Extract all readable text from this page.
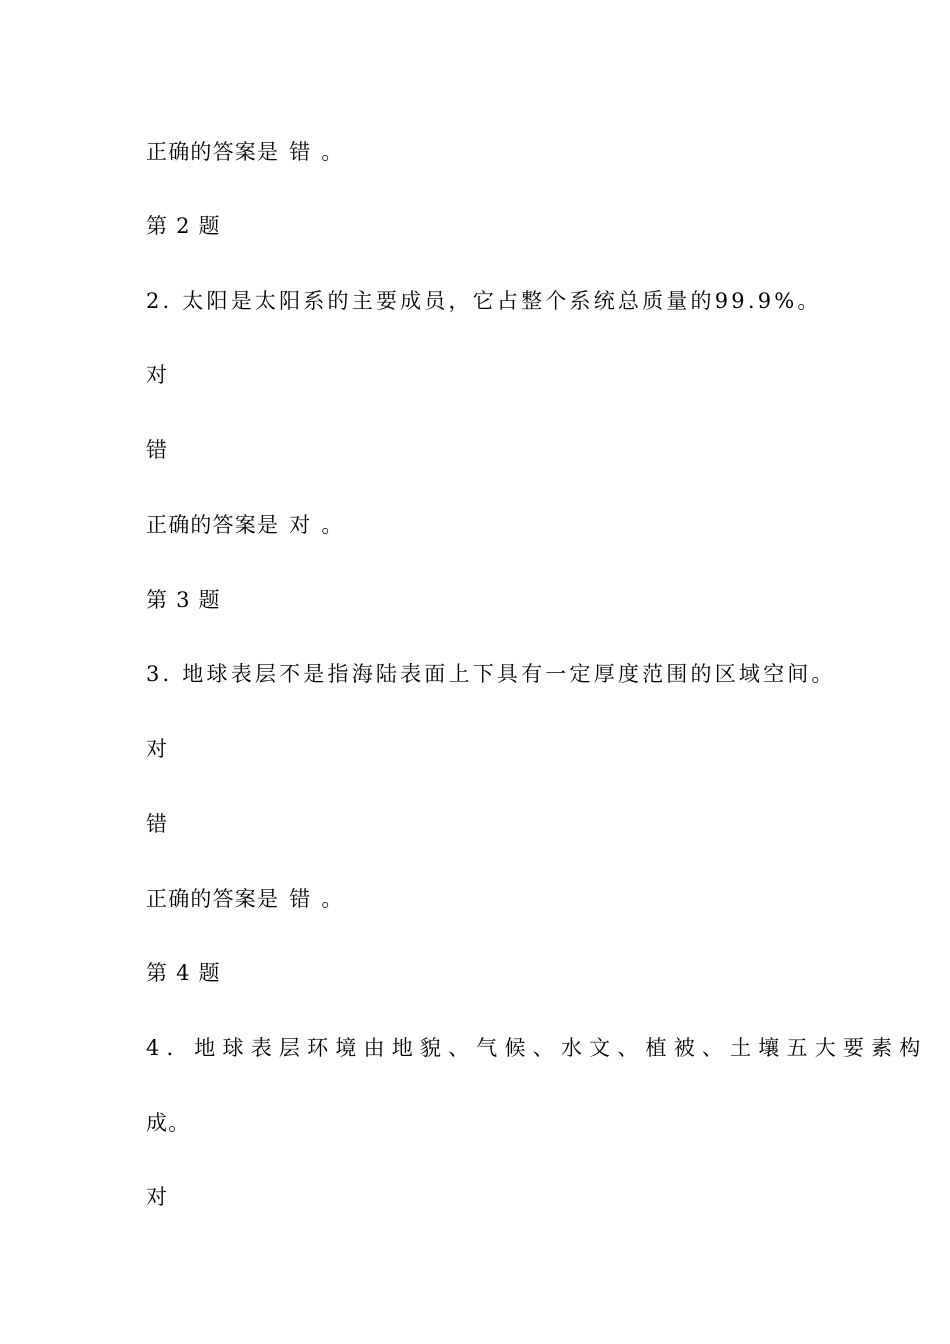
正确的答案是 错 。
第 2 题
2. 太阳是太阳系的主要成员，它占整个系统总质量的99.9%。
对
错
正确的答案是 对 。
第 3 题
3. 地球表层不是指海陆表面上下具有一定厚度范围的区域空间。
对
错
正确的答案是 错 。
第 4 题
4. 地球表层环境由地貌、气候、水文、植被、土壤五大要素构
成。
对
